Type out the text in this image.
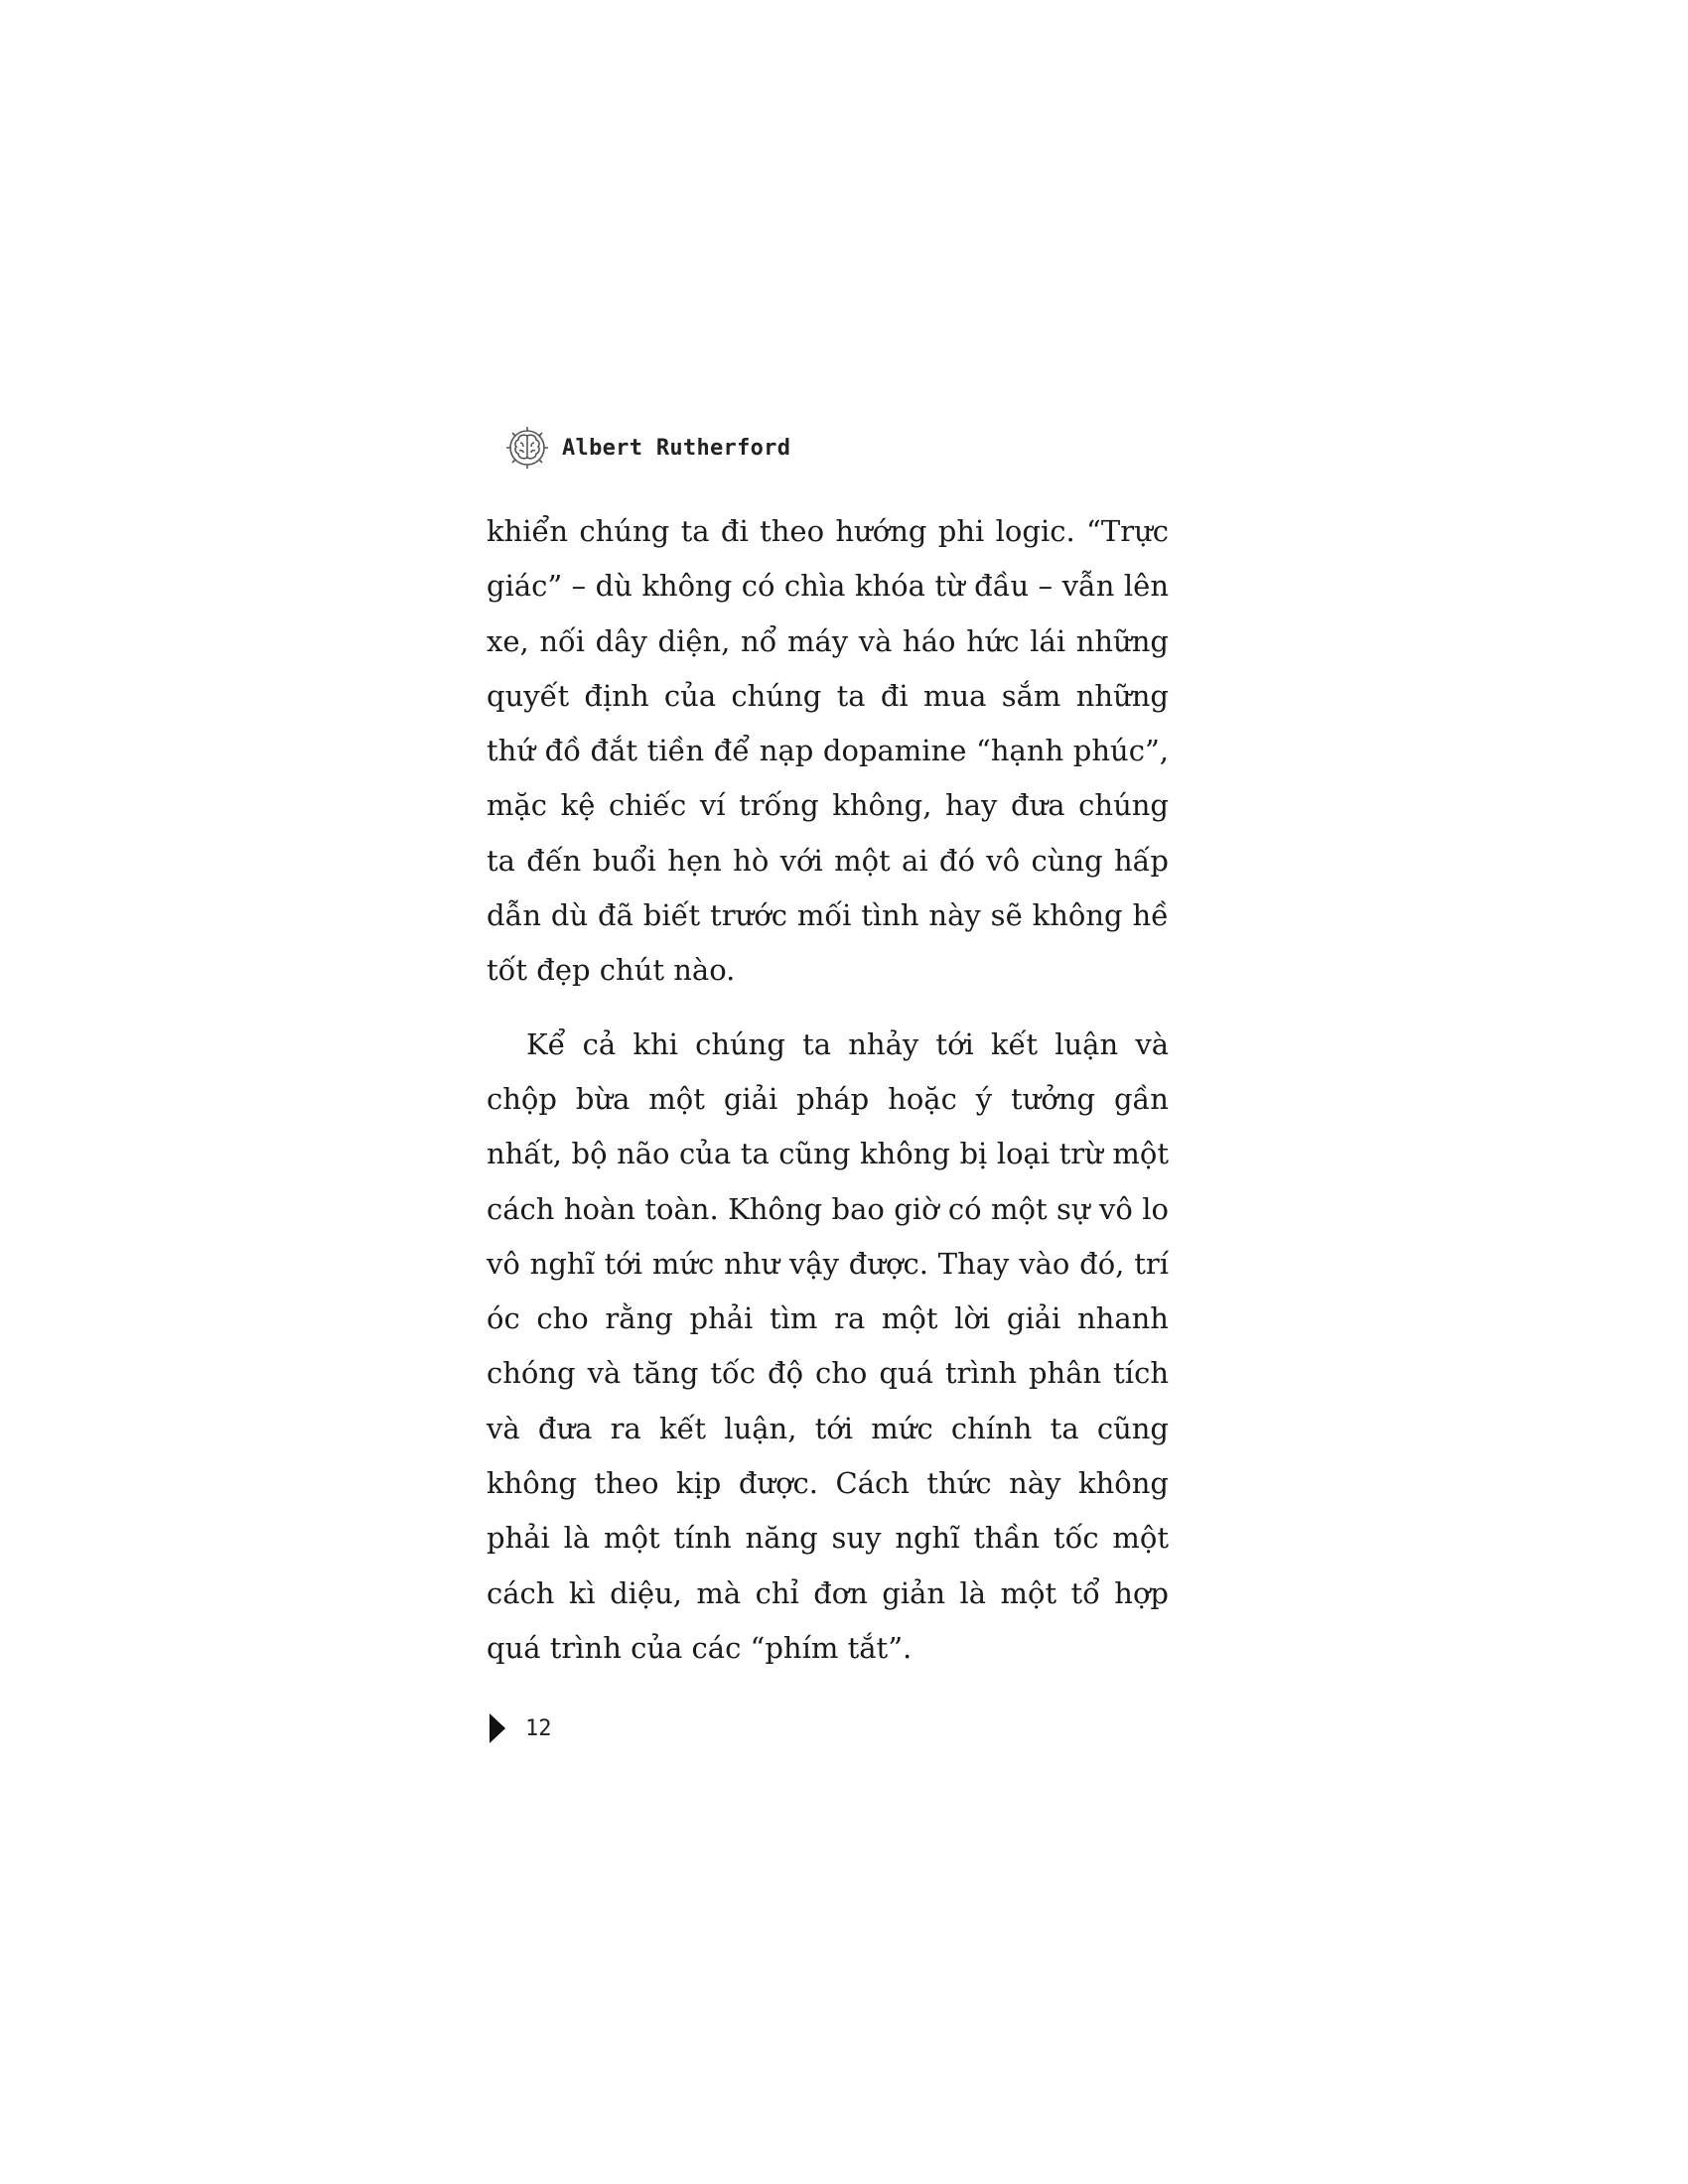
Albert Rutherford

khiển chúng ta đi theo hướng phi logic. “Trực giác” – dù không có chìa khóa từ đầu – vẫn lên xe, nối dây diện, nổ máy và háo hức lái những quyết định của chúng ta đi mua sắm những thứ đồ đắt tiền để nạp dopamine “hạnh phúc”, mặc kệ chiếc ví trống không, hay đưa chúng ta đến buổi hẹn hò với một ai đó vô cùng hấp dẫn dù đã biết trước mối tình này sẽ không hề tốt đẹp chút nào.

Kể cả khi chúng ta nhảy tới kết luận và chộp bừa một giải pháp hoặc ý tưởng gần nhất, bộ não của ta cũng không bị loại trừ một cách hoàn toàn. Không bao giờ có một sự vô lo vô nghĩ tới mức như vậy được. Thay vào đó, trí óc cho rằng phải tìm ra một lời giải nhanh chóng và tăng tốc độ cho quá trình phân tích và đưa ra kết luận, tới mức chính ta cũng không theo kịp được. Cách thức này không phải là một tính năng suy nghĩ thần tốc một cách kì diệu, mà chỉ đơn giản là một tổ hợp quá trình của các “phím tắt”.

12
